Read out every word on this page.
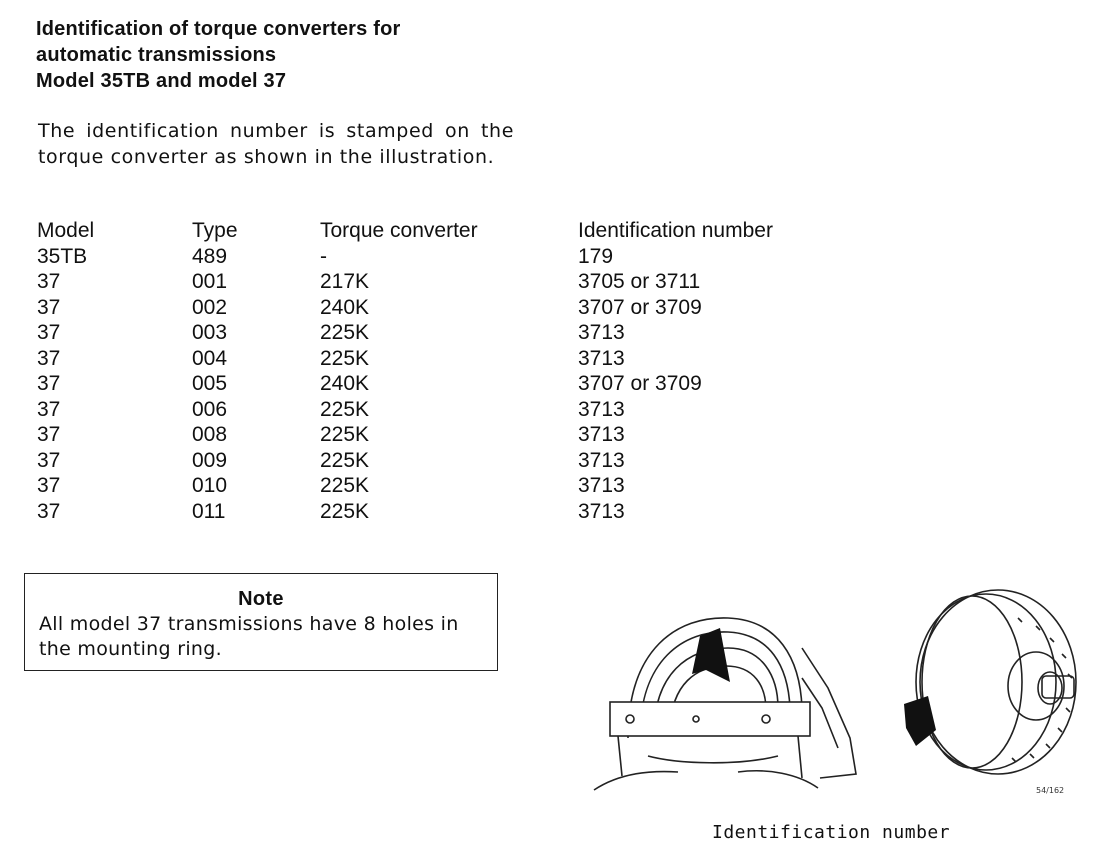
Identification of torque converters for
automatic transmissions
Model 35TB and model 37
The identification number is stamped on the torque converter as shown in the illustration.
Model	Type	Torque converter	Identification number
35TB	489	-	179
37	001	217K	3705 or 3711
37	002	240K	3707 or 3709
37	003	225K	3713
37	004	225K	3713
37	005	240K	3707 or 3709
37	006	225K	3713
37	008	225K	3713
37	009	225K	3713
37	010	225K	3713
37	011	225K	3713
Note
All model 37 transmissions have 8 holes in the mounting ring.
54/162
Identification number
